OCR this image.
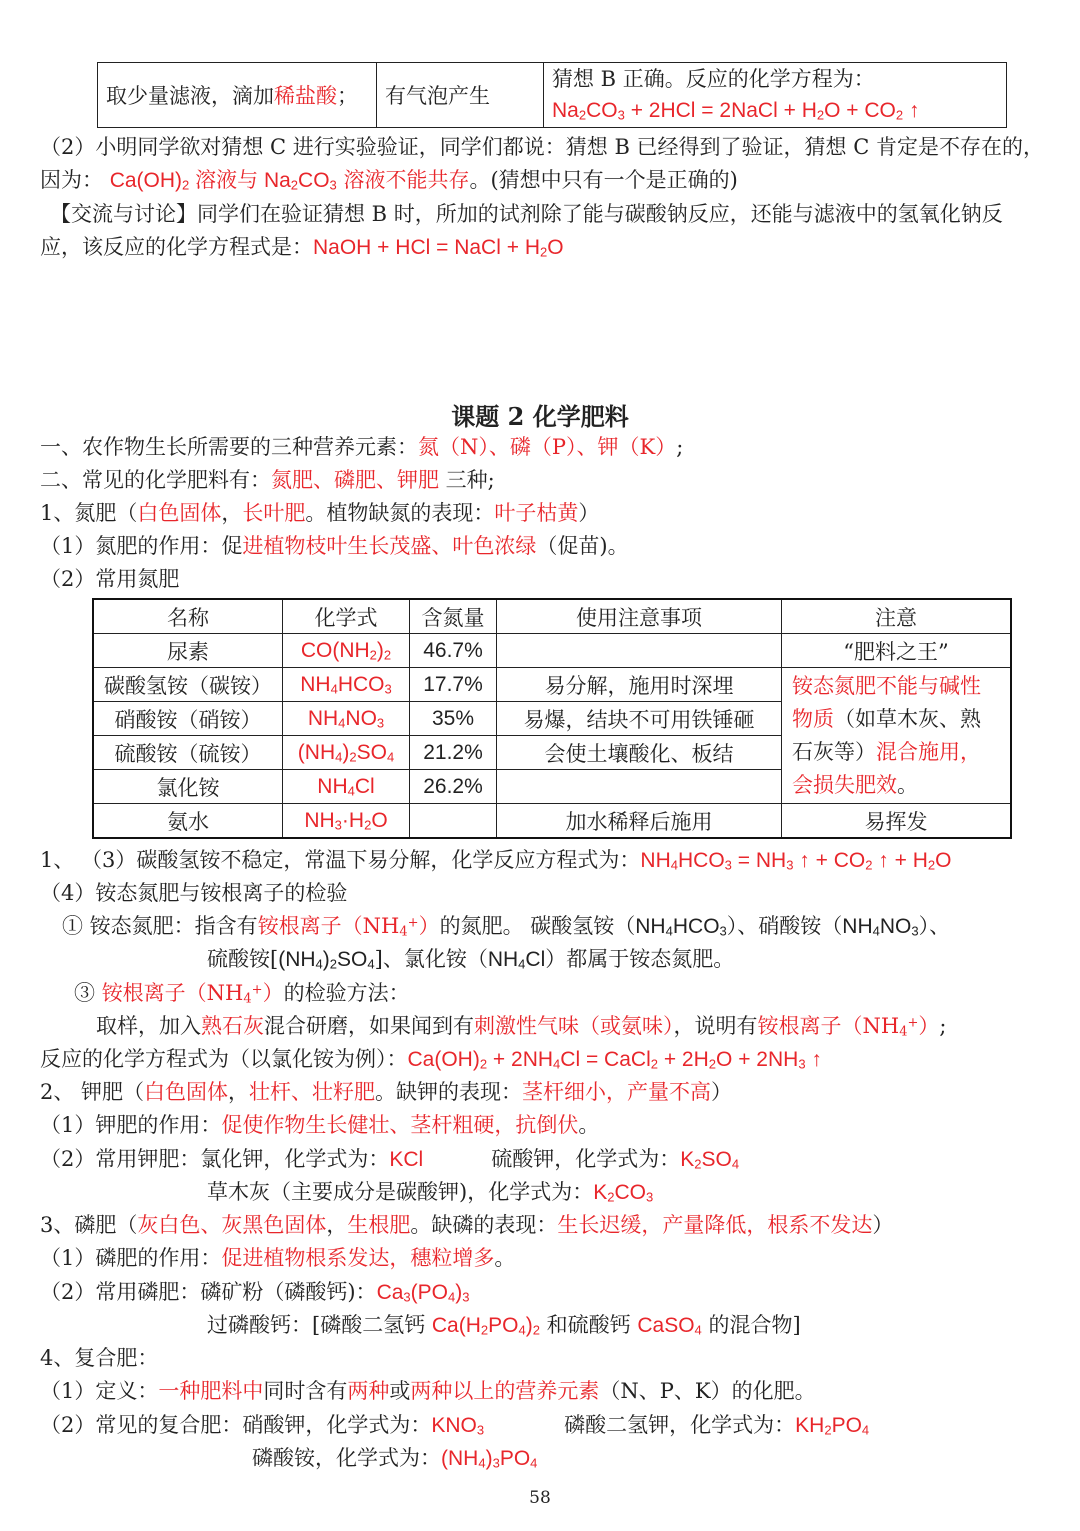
取少量滤液，滴加稀盐酸；	有气泡产生	
猜想 B 正确。反应的化学方程为：
$Na_2CO_3 + 2HCl$ = 2NaCl + $H_2O + CO_2$ ↑
（2）小明同学欲对猜想 C 进行实验验证，同学们都说：猜想 B 已经得到了验证，猜想 C 肯定是不存在的，
因为： $Ca(OH)_2$ 溶液与 $Na_2CO_3$ 溶液不能共存。(猜想中只有一个是正确的)
【交流与讨论】同学们在验证猜想 B 时，所加的试剂除了能与碳酸钠反应，还能与滤液中的氢氧化钠反
应，该反应的化学方程式是：NaOH + HCl = NaCl + $H_2O$
课题 2 化学肥料
一、农作物生长所需要的三种营养元素：氮（N）、磷（P）、钾（K）;
二、常见的化学肥料有：氮肥、磷肥、钾肥 三种;
1、氮肥（白色固体，长叶肥。植物缺氮的表现：叶子枯黄）
（1）氮肥的作用：促进植物枝叶生长茂盛、叶色浓绿（促苗)。
（2）常用氮肥
名称	化学式	含氮量	使用注意事项	注意
尿素	$CO(NH_2)_2$	46.7%		“肥料之王”
碳酸氢铵（碳铵）	$NH_4HCO_3$	17.7%	易分解，施用时深埋	铵态氮肥不能与碱性物质（如草木灰、熟石灰等）混合施用，会损失肥效。
硝酸铵（硝铵）	$NH_4NO_3$	35%	易爆，结块不可用铁锤砸	
硫酸铵（硫铵）	$(NH_4)_2SO_4$	21.2%	会使土壤酸化、板结	
氯化铵	$NH_4Cl$	26.2%		
氨水	$NH_3\cdot H_2O$		加水稀释后施用	易挥发
1、 （3）碳酸氢铵不稳定，常温下易分解，化学反应方程式为：$NH_4HCO_3 = NH_3$ ↑ + $CO_2$ ↑ + $H_2O$
（4）铵态氮肥与铵根离子的检验
① 铵态氮肥：指含有铵根离子$(NH_4^+)$的氮肥。 碳酸氢铵$(NH_4HCO_3)$、硝酸铵$(NH_4NO_3)$、
硫酸铵$[(NH_4)_2SO_4]$、氯化铵$(NH_4Cl)$都属于铵态氮肥。
③ 铵根离子$(NH_4^+)$的检验方法：
取样，加入熟石灰混合研磨，如果闻到有刺激性气味（或氨味），说明有铵根离子$(NH_4^+)$;
反应的化学方程式为（以氯化铵为例）：$Ca(OH)_2 + 2NH_4Cl$ = CaCl$_2$ + $2H_2O + 2NH_3$ ↑
2、 钾肥（白色固体，壮杆、壮籽肥。缺钾的表现：茎杆细小，产量不高）
（1）钾肥的作用：促使作物生长健壮、茎杆粗硬，抗倒伏。
（2）常用钾肥：氯化钾，化学式为：KCl	硫酸钾，化学式为：$K_2SO_4$
草木灰（主要成分是碳酸钾)，化学式为：$K_2CO_3$
3、磷肥（灰白色、灰黑色固体，生根肥。缺磷的表现：生长迟缓，产量降低，根系不发达）
（1）磷肥的作用：促进植物根系发达，穗粒增多。
（2）常用磷肥：磷矿粉（磷酸钙)：$Ca_3(PO_4)_3$
过磷酸钙：[磷酸二氢钙 $Ca(H_2PO_4)_2$ 和硫酸钙 CaSO$_4$ 的混合物]
4、复合肥：
（1）定义：一种肥料中同时含有两种或两种以上的营养元素（N、P、K）的化肥。
（2）常见的复合肥：硝酸钾，化学式为：$KNO_3$	磷酸二氢钾，化学式为：$KH_2PO_4$
磷酸铵，化学式为：$(NH_4)_3PO_4$
58
